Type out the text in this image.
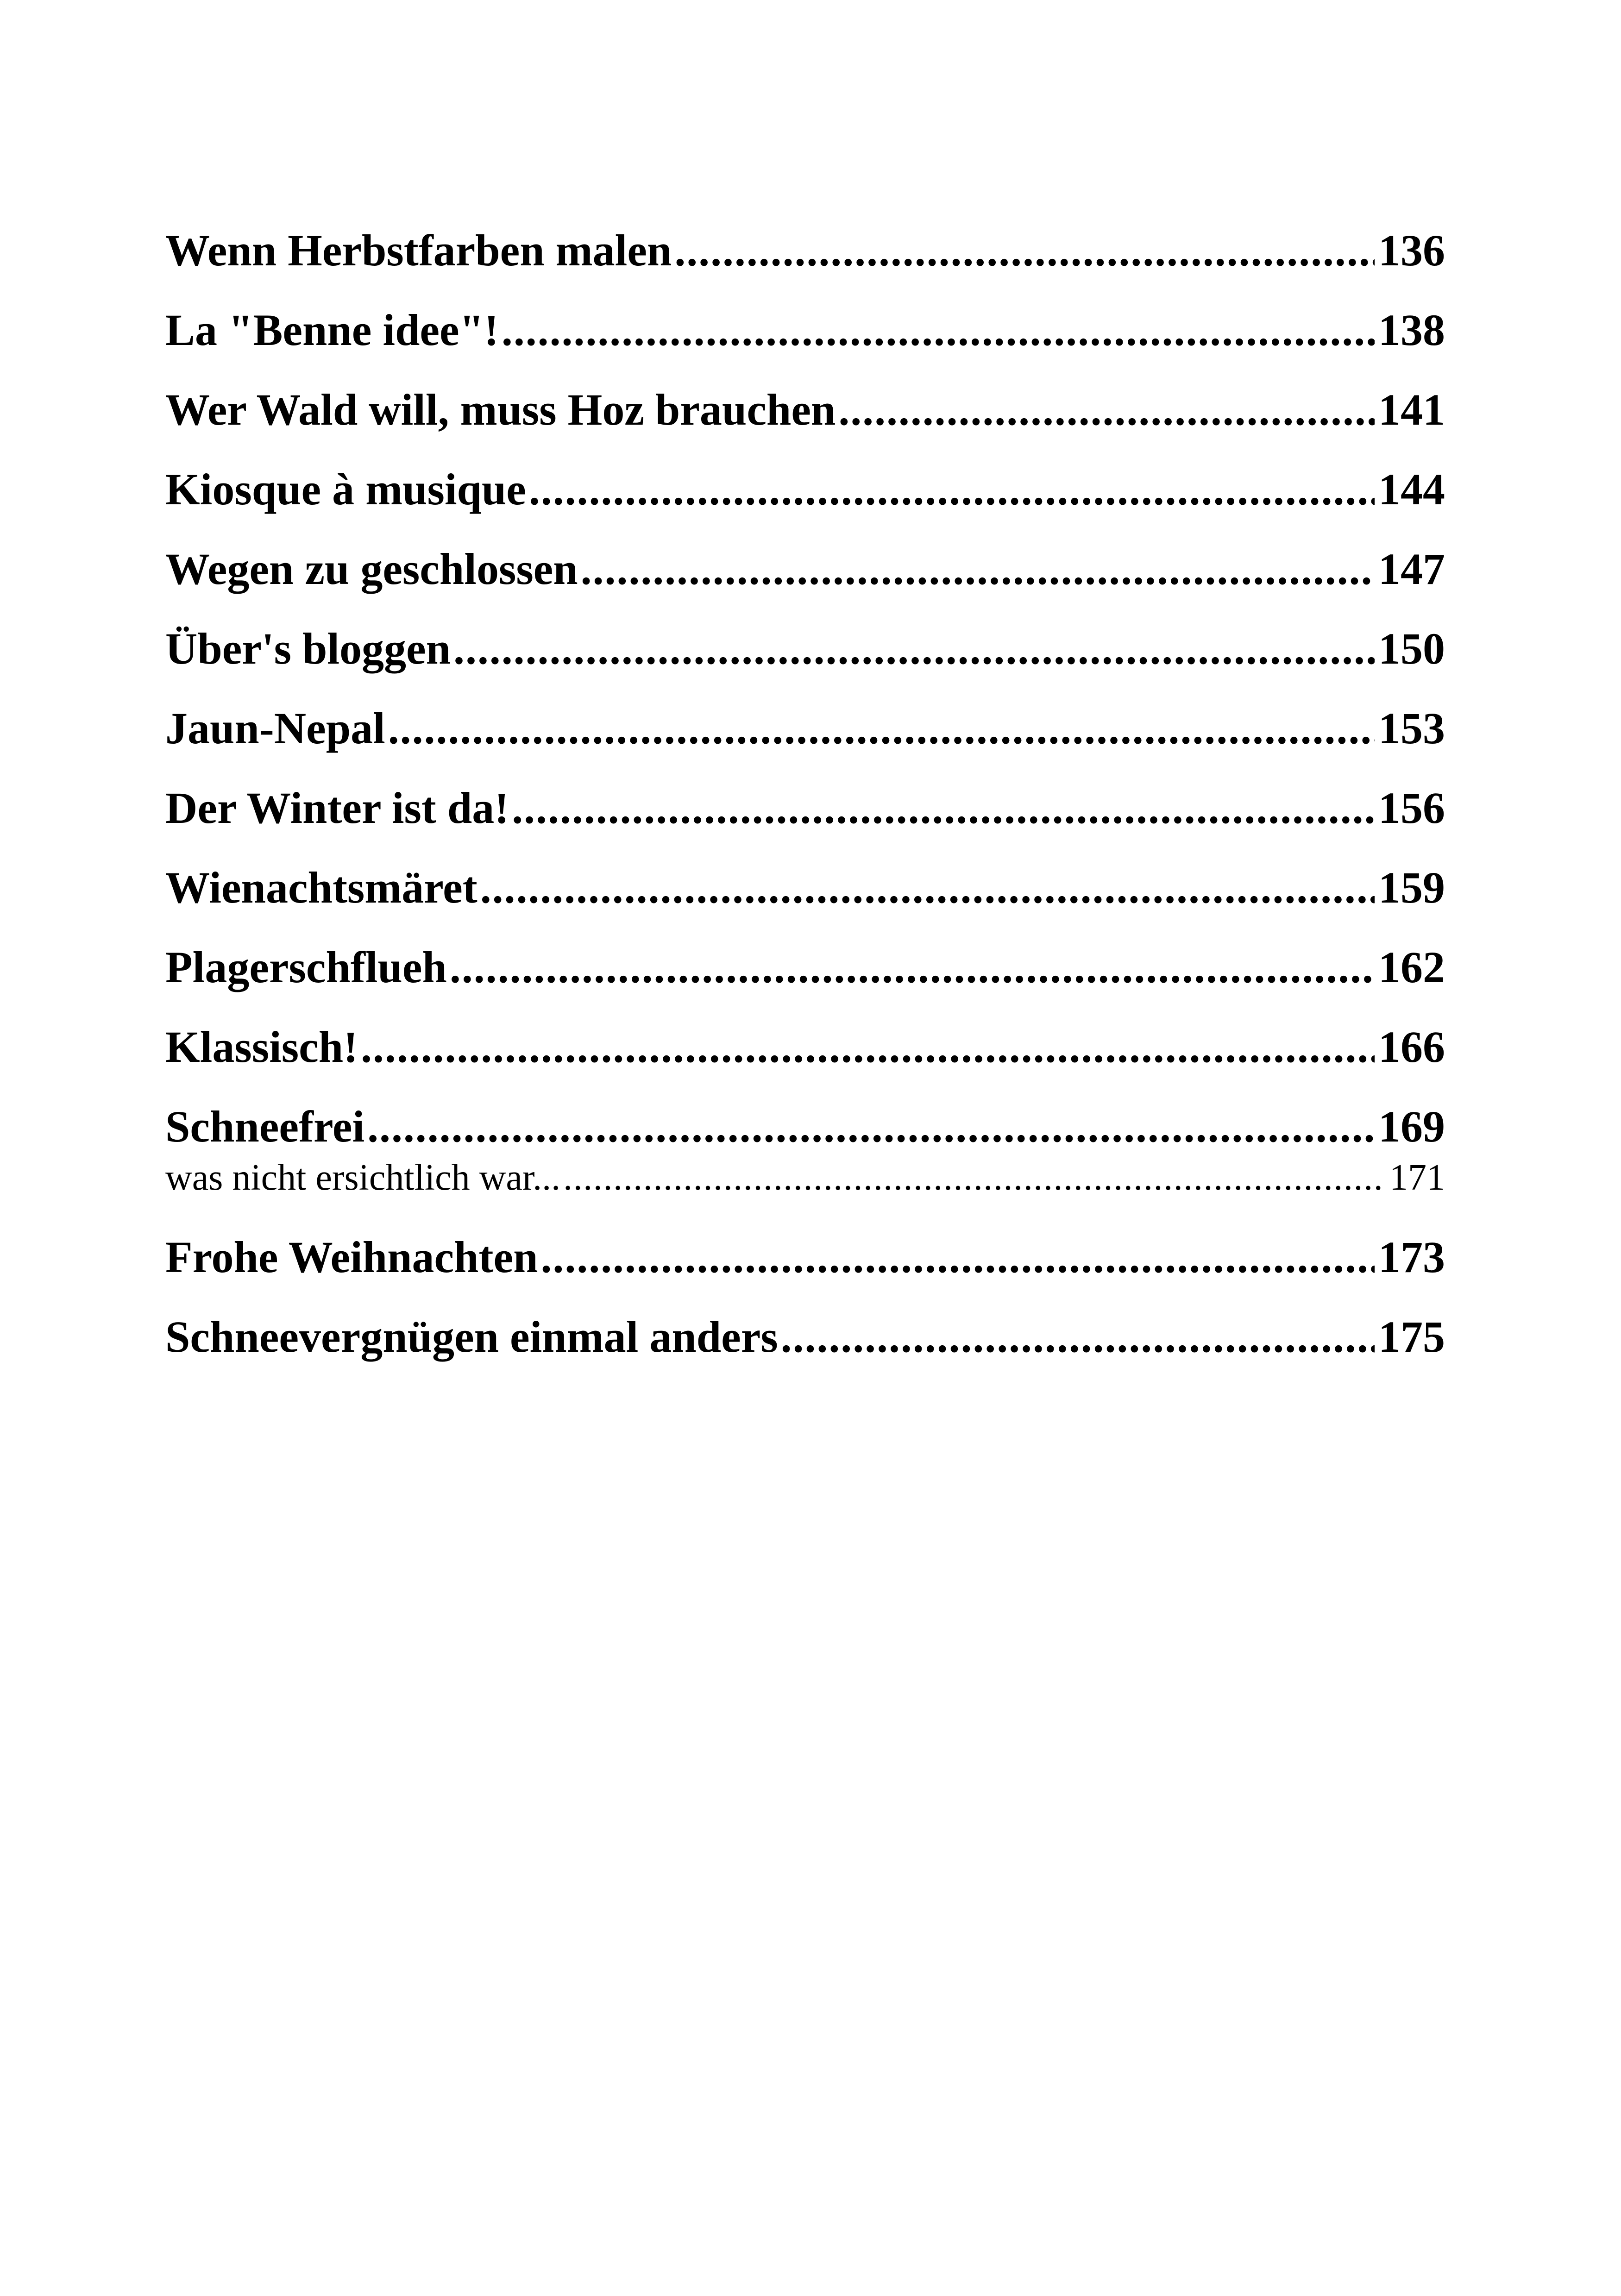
Wenn Herbstfarben malen .....	136
La "Benne idee"! .....	138
Wer Wald will, muss Hoz brauchen .....	141
Kiosque à musique .....	144
Wegen zu geschlossen .....	147
Über's bloggen .....	150
Jaun-Nepal .....	153
Der Winter ist da! .....	156
Wienachtsmäret .....	159
Plagerschflueh .....	162
Klassisch! .....	166
Schneefrei .....	169
was nicht ersichtlich war... .....	171
Frohe Weihnachten .....	173
Schneevergnügen einmal anders .....	175
